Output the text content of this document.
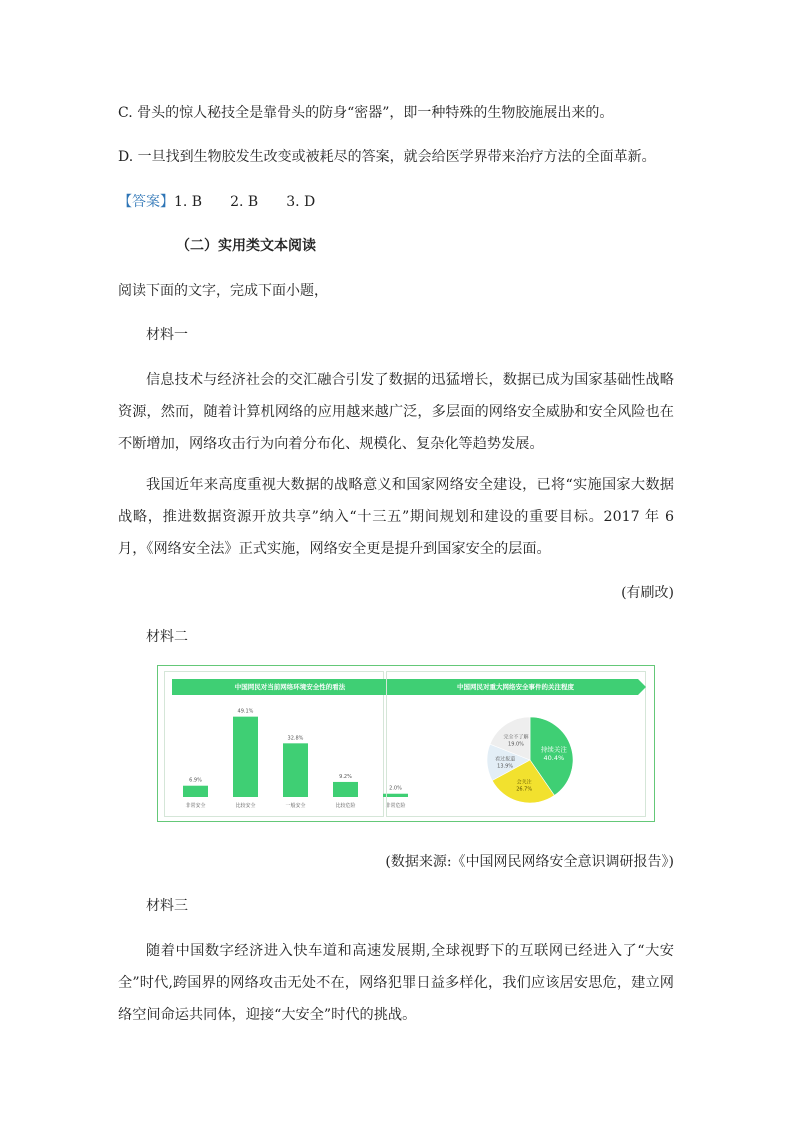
C. 骨头的惊人秘技全是靠骨头的防身“密器”，即一种特殊的生物胶施展出来的。
D. 一旦找到生物胶发生改变或被耗尽的答案，就会给医学界带来治疗方法的全面革新。
【答案】1. B　　2. B　　3. D
（二）实用类文本阅读
阅读下面的文字，完成下面小题，
材料一
信息技术与经济社会的交汇融合引发了数据的迅猛增长，数据已成为国家基础性战略资源，然而，随着计算机网络的应用越来越广泛，多层面的网络安全威胁和安全风险也在不断增加，网络攻击行为向着分布化、规模化、复杂化等趋势发展。
我国近年来高度重视大数据的战略意义和国家网络安全建设，已将“实施国家大数据战略，推进数据资源开放共享”纳入“十三五”期间规划和建设的重要目标。2017 年 6 月，《网络安全法》正式实施，网络安全更是提升到国家安全的层面。
(有刷改)
材料二
中国网民对当前网络环境安全性的看法
6.9%
非常安全
49.1%
比较安全
32.8%
一般安全
9.2%
比较危险
2.0%
非常危险
中国网民对重大网络安全事件的关注程度
持续关注
40.4%
会关注
26.7%
看过报道
13.9%
完全不了解
19.0%
(数据来源:《中国网民网络安全意识调研报告》)
材料三
随着中国数字经济进入快车道和高速发展期,全球视野下的互联网已经进入了“大安全”时代,跨国界的网络攻击无处不在，网络犯罪日益多样化，我们应该居安思危，建立网络空间命运共同体，迎接“大安全”时代的挑战。
